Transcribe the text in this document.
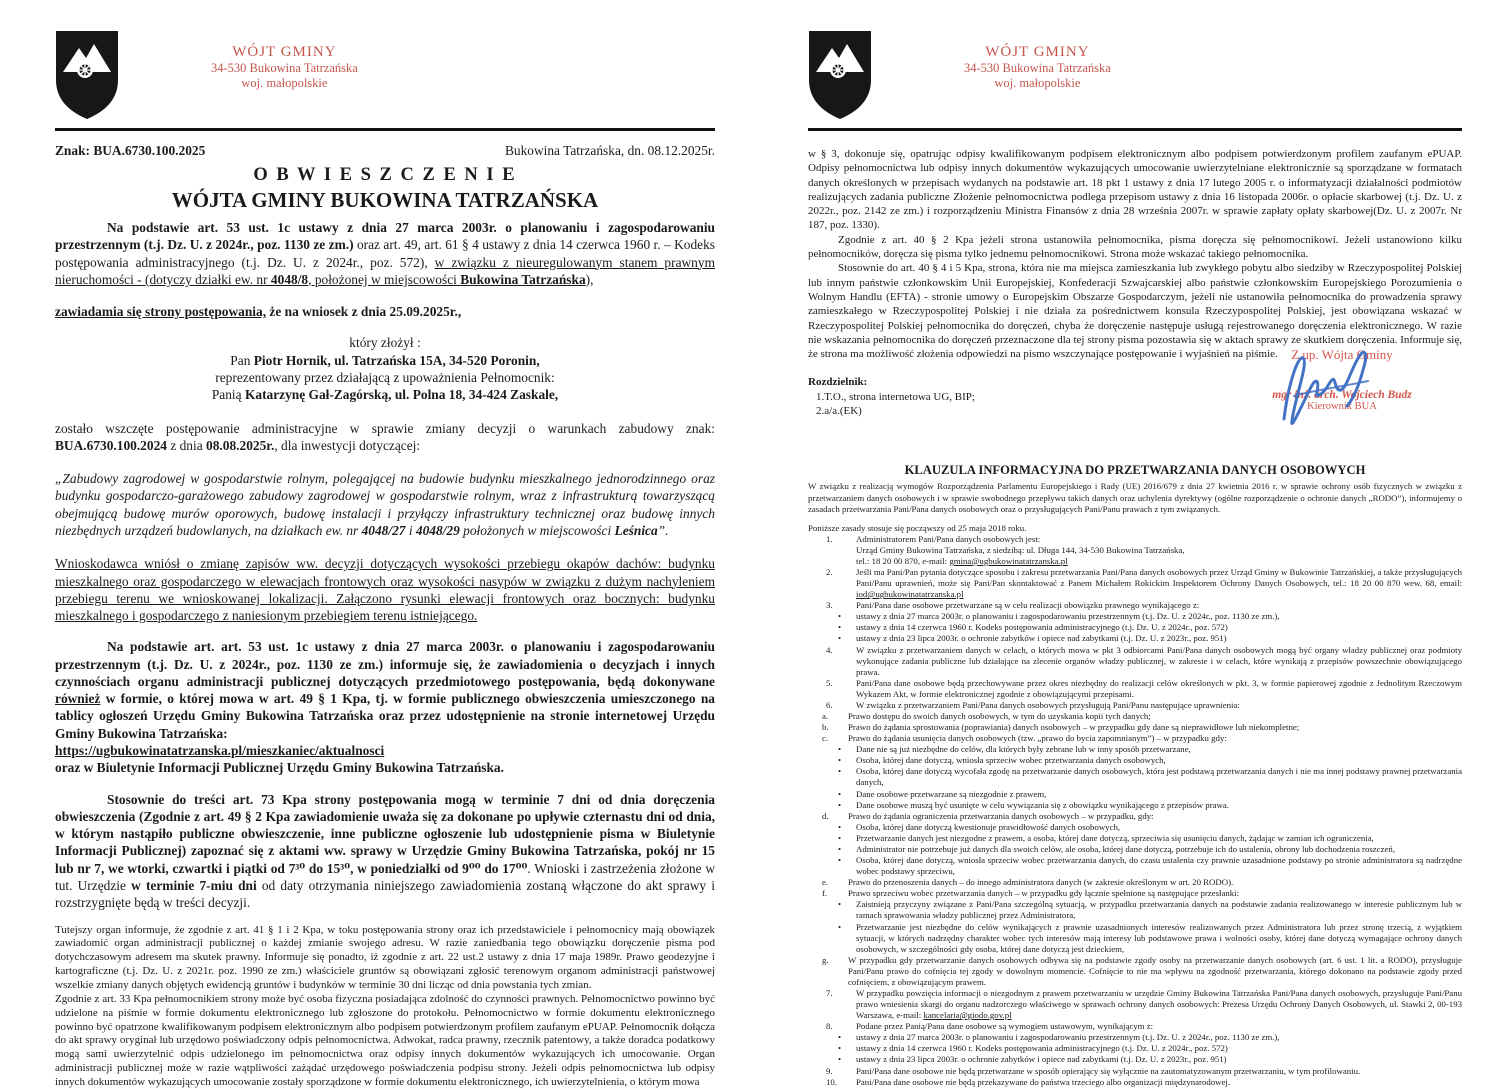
WÓJT GMINY
34-530 Bukowina Tatrzańska
woj. małopolskie
Znak: BUA.6730.100.2025	Bukowina Tatrzańska, dn. 08.12.2025r.
O B W I E S Z C Z E N I E
WÓJTA GMINY BUKOWINA TATRZAŃSKA

Na podstawie art. 53 ust. 1c ustawy z dnia 27 marca 2003r. o planowaniu i zagospodarowaniu przestrzennym (t.j. Dz. U. z 2024r., poz. 1130 ze zm.) oraz art. 49, art. 61 § 4 ustawy z dnia 14 czerwca 1960 r. – Kodeks postępowania administracyjnego (t.j. Dz. U. z 2024r., poz. 572), w związku z nieuregulowanym stanem prawnym nieruchomości - (dotyczy działki ew. nr 4048/8, położonej w miejscowości Bukowina Tatrzańska),

zawiadamia się strony postępowania, że na wniosek z dnia 25.09.2025r.,

który złożył :

Pan Piotr Hornik, ul. Tatrzańska 15A, 34-520 Poronin,

reprezentowany przez działającą z upoważnienia Pełnomocnik:

Panią Katarzynę Gał-Zagórską, ul. Polna 18, 34-424 Zaskale,

zostało wszczęte postępowanie administracyjne w sprawie zmiany decyzji o warunkach zabudowy znak: BUA.6730.100.2024 z dnia 08.08.2025r., dla inwestycji dotyczącej:

„Zabudowy zagrodowej w gospodarstwie rolnym, polegającej na budowie budynku mieszkalnego jednorodzinnego oraz budynku gospodarczo-garażowego zabudowy zagrodowej w gospodarstwie rolnym, wraz z infrastrukturą towarzyszącą obejmującą budowę murów oporowych, budowę instalacji i przyłączy infrastruktury technicznej oraz budowę innych niezbędnych urządzeń budowlanych, na działkach ew. nr 4048/27 i 4048/29 położonych w miejscowości Leśnica”.

Wnioskodawca wniósł o zmianę zapisów ww. decyzji dotyczących wysokości przebiegu okapów dachów: budynku mieszkalnego oraz gospodarczego w elewacjach frontowych oraz wysokości nasypów w związku z dużym nachyleniem przebiegu terenu we wnioskowanej lokalizacji. Załączono rysunki elewacji frontowych oraz bocznych: budynku mieszkalnego i gospodarczego z naniesionym przebiegiem terenu istniejącego.

Na podstawie art. art. 53 ust. 1c ustawy z dnia 27 marca 2003r. o planowaniu i zagospodarowaniu przestrzennym (t.j. Dz. U. z 2024r., poz. 1130 ze zm.) informuje się, że zawiadomienia o decyzjach i innych czynnościach organu administracji publicznej dotyczących przedmiotowego postępowania, będą dokonywane również w formie, o której mowa w art. 49 § 1 Kpa, tj. w formie publicznego obwieszczenia umieszczonego na tablicy ogłoszeń Urzędu Gminy Bukowina Tatrzańska oraz przez udostępnienie na stronie internetowej Urzędu Gminy Bukowina Tatrzańska:
https://ugbukowinatatrzanska.pl/mieszkaniec/aktualnosci
oraz w Biuletynie Informacji Publicznej Urzędu Gminy Bukowina Tatrzańska.

Stosownie do treści art. 73 Kpa strony postępowania mogą w terminie 7 dni od dnia doręczenia obwieszczenia (Zgodnie z art. 49 § 2 Kpa zawiadomienie uważa się za dokonane po upływie czternastu dni od dnia, w którym nastąpiło publiczne obwieszczenie, inne publiczne ogłoszenie lub udostępnienie pisma w Biuletynie Informacji Publicznej) zapoznać się z aktami ww. sprawy w Urzędzie Gminy Bukowina Tatrzańska, pokój nr 15 lub nr 7, we wtorki, czwartki i piątki od 7³⁰ do 15³⁰, w poniedziałki od 9⁰⁰ do 17⁰⁰. Wnioski i zastrzeżenia złożone w tut. Urzędzie w terminie 7-miu dni od daty otrzymania niniejszego zawiadomienia zostaną włączone do akt sprawy i rozstrzygnięte będą w treści decyzji.

Tutejszy organ informuje, że zgodnie z art. 41 § 1 i 2 Kpa, w toku postępowania strony oraz ich przedstawiciele i pełnomocnicy mają obowiązek zawiadomić organ administracji publicznej o każdej zmianie swojego adresu. W razie zaniedbania tego obowiązku doręczenie pisma pod dotychczasowym adresem ma skutek prawny. Informuje się ponadto, iż zgodnie z art. 22 ust.2 ustawy z dnia 17 maja 1989r. Prawo geodezyjne i kartograficzne (t.j. Dz. U. z 2021r. poz. 1990 ze zm.) właściciele gruntów są obowiązani zgłosić terenowym organom administracji państwowej wszelkie zmiany danych objętych ewidencją gruntów i budynków w terminie 30 dni licząc od dnia powstania tych zmian.

Zgodnie z art. 33 Kpa pełnomocnikiem strony może być osoba fizyczna posiadająca zdolność do czynności prawnych. Pełnomocnictwo powinno być udzielone na piśmie w formie dokumentu elektronicznego lub zgłoszone do protokołu. Pełnomocnictwo w formie dokumentu elektronicznego powinno być opatrzone kwalifikowanym podpisem elektronicznym albo podpisem potwierdzonym profilem zaufanym ePUAP. Pełnomocnik dołącza do akt sprawy oryginał lub urzędowo poświadczony odpis pełnomocnictwa. Adwokat, radca prawny, rzecznik patentowy, a także doradca podatkowy mogą sami uwierzytelnić odpis udzielonego im pełnomocnictwa oraz odpisy innych dokumentów wykazujących ich umocowanie. Organ administracji publicznej może w razie wątpliwości zażądać urzędowego poświadczenia podpisu strony. Jeżeli odpis pełnomocnictwa lub odpisy innych dokumentów wykazujących umocowanie zostały sporządzone w formie dokumentu elektronicznego, ich uwierzytelnienia, o którym mowa

WÓJT GMINY
34-530 Bukowina Tatrzańska
woj. małopolskie

w § 3, dokonuje się, opatrując odpisy kwalifikowanym podpisem elektronicznym albo podpisem potwierdzonym profilem zaufanym ePUAP. Odpisy pełnomocnictwa lub odpisy innych dokumentów wykazujących umocowanie uwierzytelniane elektronicznie są sporządzane w formatach danych określonych w przepisach wydanych na podstawie art. 18 pkt 1 ustawy z dnia 17 lutego 2005 r. o informatyzacji działalności podmiotów realizujących zadania publiczne Złożenie pełnomocnictwa podlega przepisom ustawy z dnia 16 listopada 2006r. o opłacie skarbowej (t.j. Dz. U. z 2022r., poz. 2142 ze zm.) i rozporządzeniu Ministra Finansów z dnia 28 września 2007r. w sprawie zapłaty opłaty skarbowej(Dz. U. z 2007r. Nr 187, poz. 1330).

Zgodnie z art. 40 § 2 Kpa jeżeli strona ustanowiła pełnomocnika, pisma doręcza się pełnomocnikowi. Jeżeli ustanowiono kilku pełnomocników, doręcza się pisma tylko jednemu pełnomocnikowi. Strona może wskazać takiego pełnomocnika.

Stosownie do art. 40 § 4 i 5 Kpa, strona, która nie ma miejsca zamieszkania lub zwykłego pobytu albo siedziby w Rzeczypospolitej Polskiej lub innym państwie członkowskim Unii Europejskiej, Konfederacji Szwajcarskiej albo państwie członkowskim Europejskiego Porozumienia o Wolnym Handlu (EFTA) - stronie umowy o Europejskim Obszarze Gospodarczym, jeżeli nie ustanowiła pełnomocnika do prowadzenia sprawy zamieszkałego w Rzeczypospolitej Polskiej i nie działa za pośrednictwem konsula Rzeczypospolitej Polskiej, jest obowiązana wskazać w Rzeczypospolitej Polskiej pełnomocnika do doręczeń, chyba że doręczenie następuje usługą rejestrowanego doręczenia elektronicznego. W razie nie wskazania pełnomocnika do doręczeń przeznaczone dla tej strony pisma pozostawia się w aktach sprawy ze skutkiem doręczenia. Informuje się, że strona ma możliwość złożenia odpowiedzi na pismo wszczynające postępowanie i wyjaśnień na piśmie.	Z up. Wójta Gminy
mgr inż. arch. Wojciech Budz
Kierownik BUA
Rozdzielnik:
1.T.O., strona internetowa UG, BIP;
2.a/a.(EK)
KLAUZULA INFORMACYJNA DO PRZETWARZANIA DANYCH OSOBOWYCH

W związku z realizacją wymogów Rozporządzenia Parlamentu Europejskiego i Rady (UE) 2016/679 z dnia 27 kwietnia 2016 r. w sprawie ochrony osób fizycznych w związku z przetwarzaniem danych osobowych i w sprawie swobodnego przepływu takich danych oraz uchylenia dyrektywy (ogólne rozporządzenie o ochronie danych „RODO”), informujemy o zasadach przetwarzania Pani/Pana danych osobowych oraz o przysługujących Pani/Panu prawach z tym związanych.

Poniższe zasady stosuje się począwszy od 25 maja 2018 roku.

1.	Administratorem Pani/Pana danych osobowych jest:
Urząd Gminy Bukowina Tatrzańska, z siedzibą: ul. Długa 144, 34-530 Bukowina Tatrzańska,
tel.: 18 20 00 870, e-mail: gmina@ugbukowinatatrzanska.pl
2.	Jeśli ma Pani/Pan pytania dotyczące sposobu i zakresu przetwarzania Pani/Pana danych osobowych przez Urząd Gminy w Bukowinie Tatrzańskiej, a także przysługujących Pani/Panu uprawnień, może się Pani/Pan skontaktować z Panem Michałem Rokickim Inspektorem Ochrony Danych Osobowych, tel.: 18 20 00 870 wew. 68, email: iod@ugbukowinatatrzanska.pl
3.	Pani/Pana dane osobowe przetwarzane są w celu realizacji obowiązku prawnego wynikającego z:
•
ustawy z dnia 27 marca 2003r. o planowaniu i zagospodarowaniu przestrzennym (t.j. Dz. U. z 2024r., poz. 1130 ze zm.),
•
ustawy z dnia 14 czerwca 1960 r. Kodeks postępowania administracyjnego (t.j. Dz. U. z 2024r., poz. 572)
•
ustawy z dnia 23 lipca 2003r. o ochronie zabytków i opiece nad zabytkami (t.j. Dz. U. z 2023r., poz. 951)
4.	W związku z przetwarzaniem danych w celach, o których mowa w pkt 3 odbiorcami Pani/Pana danych osobowych mogą być organy władzy publicznej oraz podmioty wykonujące zadania publiczne lub działające na zlecenie organów władzy publicznej, w zakresie i w celach, które wynikają z przepisów powszechnie obowiązującego prawa.
5.	Pani/Pana dane osobowe będą przechowywane przez okres niezbędny do realizacji celów określonych w pkt. 3, w formie papierowej zgodnie z Jednolitym Rzeczowym Wykazem Akt, w formie elektronicznej zgodnie z obowiązującymi przepisami.
6.	W związku z przetwarzaniem Pani/Pana danych osobowych przysługują Pani/Panu następujące uprawnienia:
a.	Prawo dostępu do swoich danych osobowych, w tym do uzyskania kopii tych danych;
b.	Prawo do żądania sprostowania (poprawiania) danych osobowych – w przypadku gdy dane są nieprawidłowe lub niekompletne;
c.	Prawo do żądania usunięcia danych osobowych (tzw. „prawo do bycia zapomnianym”) – w przypadku gdy:
•
Dane nie są już niezbędne do celów, dla których były zebrane lub w inny sposób przetwarzane,
•
Osoba, której dane dotyczą, wniosła sprzeciw wobec przetwarzania danych osobowych,
•
Osoba, której dane dotyczą wycofała zgodę na przetwarzanie danych osobowych, która jest podstawą przetwarzania danych i nie ma innej podstawy prawnej przetwarzania danych,
•
Dane osobowe przetwarzane są niezgodnie z prawem,
•
Dane osobowe muszą być usunięte w celu wywiązania się z obowiązku wynikającego z przepisów prawa.
d.	Prawo do żądania ograniczenia przetwarzania danych osobowych – w przypadku, gdy:
•
Osoba, której dane dotyczą kwestionuje prawidłowość danych osobowych,
•
Przetwarzanie danych jest niezgodne z prawem, a osoba, której dane dotyczą, sprzeciwia się usunięciu danych, żądając w zamian ich ograniczenia,
•
Administrator nie potrzebuje już danych dla swoich celów, ale osoba, której dane dotyczą, potrzebuje ich do ustalenia, obrony lub dochodzenia roszczeń,
•
Osoba, której dane dotyczą, wniosła sprzeciw wobec przetwarzania danych, do czasu ustalenia czy prawnie uzasadnione podstawy po stronie administratora są nadrzędne wobec podstawy sprzeciwu,
e.	Prawo do przenoszenia danych – do innego administratora danych (w zakresie określonym w art. 20 RODO).
f.	Prawo sprzeciwu wobec przetwarzania danych – w przypadku gdy łącznie spełnione są następujące przesłanki:
•
Zaistnieją przyczyny związane z Pani/Pana szczególną sytuacją, w przypadku przetwarzania danych na podstawie zadania realizowanego w interesie publicznym lub w ramach sprawowania władzy publicznej przez Administratora,
•
Przetwarzanie jest niezbędne do celów wynikających z prawnie uzasadnionych interesów realizowanych przez Administratora lub przez stronę trzecią, z wyjątkiem sytuacji, w których nadrzędny charakter wobec tych interesów mają interesy lub podstawowe prawa i wolności osoby, której dane dotyczą wymagające ochrony danych osobowych, w szczególności gdy osoba, której dane dotyczą jest dzieckiem,
g.	W przypadku gdy przetwarzanie danych osobowych odbywa się na podstawie zgody osoby na przetwarzanie danych osobowych (art. 6 ust. 1 lit. a RODO), przysługuje Pani/Panu prawo do cofnięcia tej zgody w dowolnym momencie. Cofnięcie to nie ma wpływu na zgodność przetwarzania, którego dokonano na podstawie zgody przed cofnięciem, z obowiązującym prawem.
7.	W przypadku powzięcia informacji o niezgodnym z prawem przetwarzaniu w urzędzie Gminy Bukowina Tatrzańska Pani/Pana danych osobowych, przysługuje Pani/Panu prawo wniesienia skargi do organu nadzorczego właściwego w sprawach ochrony danych osobowych: Prezesa Urzędu Ochrony Danych Osobowych, ul. Stawki 2, 00-193 Warszawa, e-mail: kancelaria@giodo.gov.pl
8.	Podane przez Panią/Pana dane osobowe są wymogiem ustawowym, wynikającym z:
•
ustawy z dnia 27 marca 2003r. o planowaniu i zagospodarowaniu przestrzennym (t.j. Dz. U. z 2024r., poz. 1130 ze zm.),
•
ustawy z dnia 14 czerwca 1960 r. Kodeks postępowania administracyjnego (t.j. Dz. U. z 2024r., poz. 572)
•
ustawy z dnia 23 lipca 2003r. o ochronie zabytków i opiece nad zabytkami (t.j. Dz. U. z 2023r., poz. 951)
9.	Pani/Pana dane osobowe nie będą przetwarzane w sposób opierający się wyłącznie na zautomatyzowanym przetwarzaniu, w tym profilowaniu.
10.	Pani/Pana dane osobowe nie będą przekazywane do państwa trzeciego albo organizacji międzynarodowej.
